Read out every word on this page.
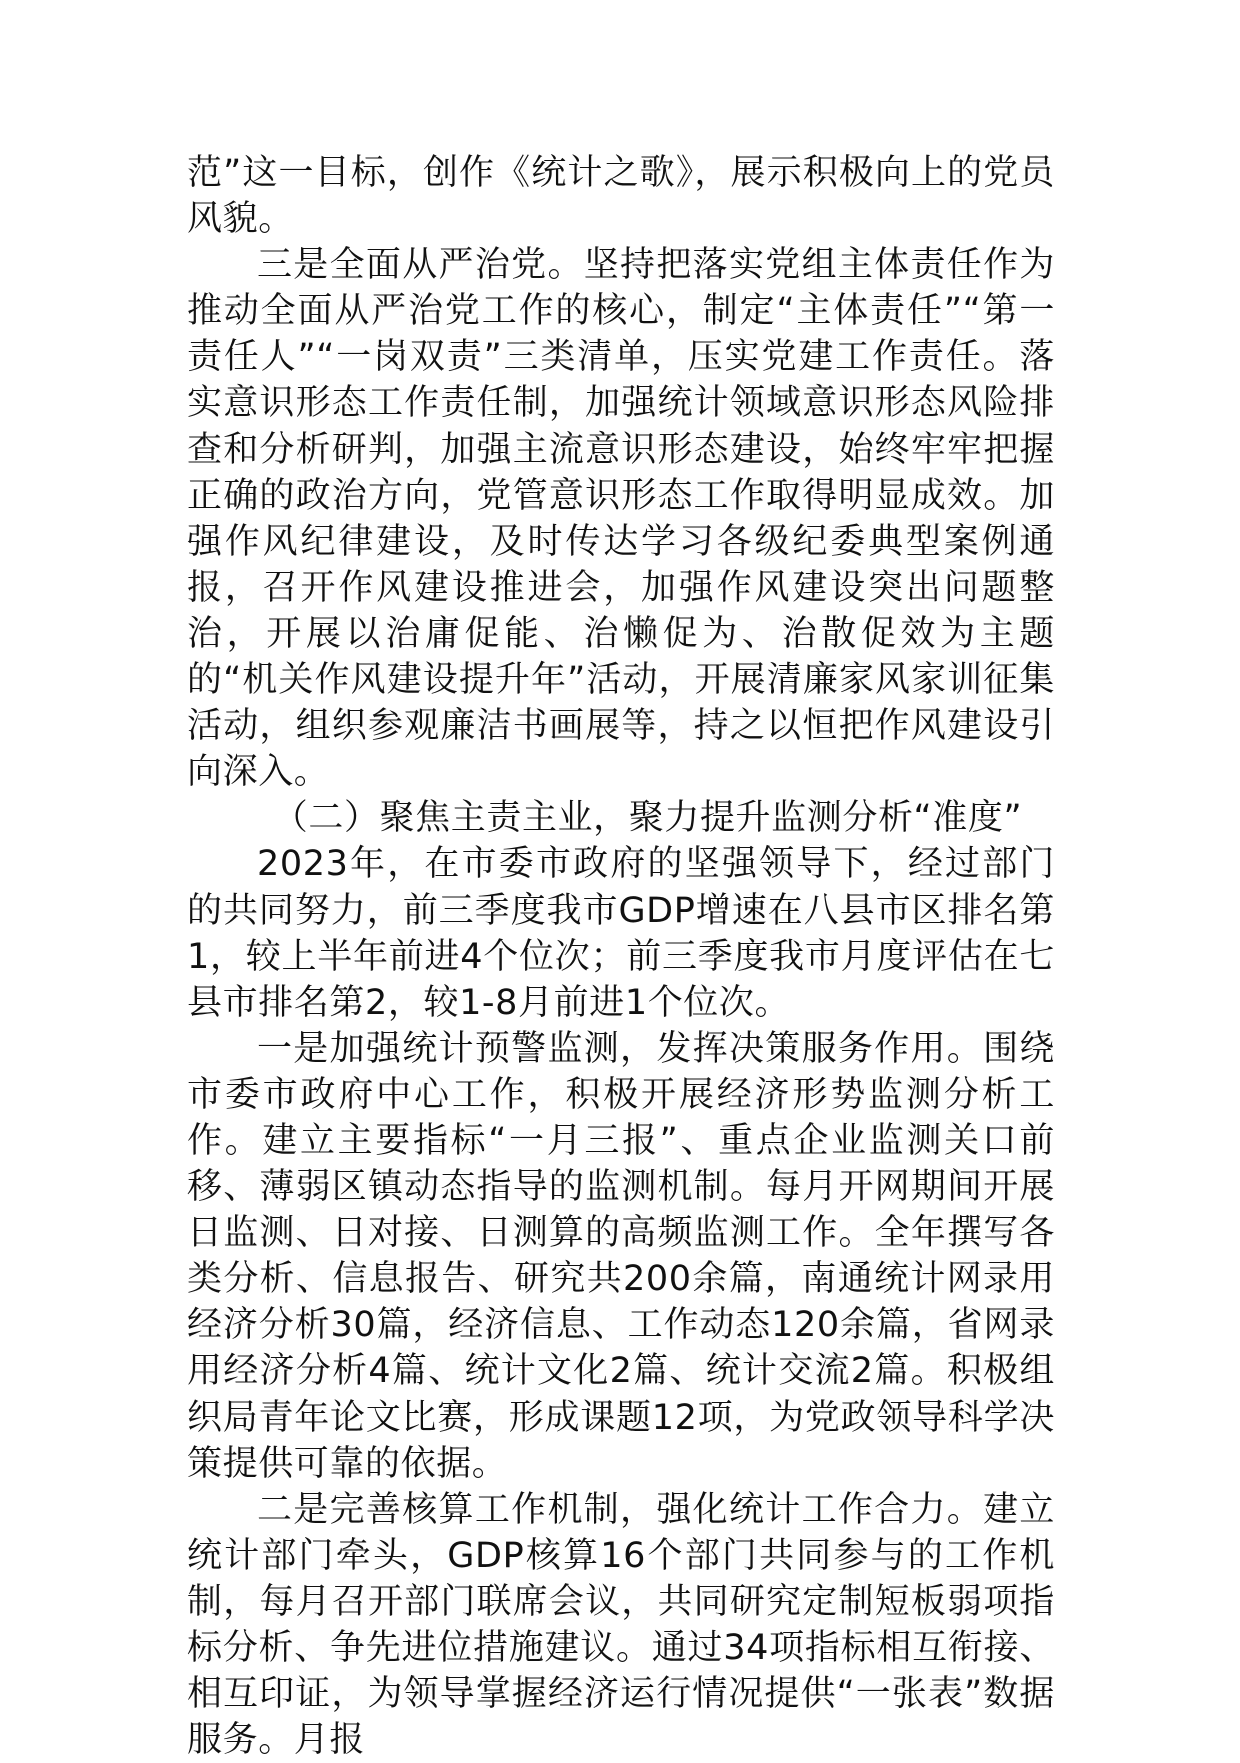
范”这一目标，创作《统计之歌》，展示积极向上的党员风貌。

三是全面从严治党。坚持把落实党组主体责任作为推动全面从严治党工作的核心，制定“主体责任”“第一责任人”“一岗双责”三类清单，压实党建工作责任。落实意识形态工作责任制，加强统计领域意识形态风险排查和分析研判，加强主流意识形态建设，始终牢牢把握正确的政治方向，党管意识形态工作取得明显成效。加强作风纪律建设，及时传达学习各级纪委典型案例通报，召开作风建设推进会，加强作风建设突出问题整治，开展以治庸促能、治懒促为、治散促效为主题的“机关作风建设提升年”活动，开展清廉家风家训征集活动，组织参观廉洁书画展等，持之以恒把作风建设引向深入。

（二）聚焦主责主业，聚力提升监测分析“准度”

2023年，在市委市政府的坚强领导下，经过部门的共同努力，前三季度我市GDP增速在八县市区排名第1，较上半年前进4个位次；前三季度我市月度评估在七县市排名第2，较1-8月前进1个位次。

一是加强统计预警监测，发挥决策服务作用。围绕市委市政府中心工作，积极开展经济形势监测分析工作。建立主要指标“一月三报”、重点企业监测关口前移、薄弱区镇动态指导的监测机制。每月开网期间开展日监测、日对接、日测算的高频监测工作。全年撰写各类分析、信息报告、研究共200余篇，南通统计网录用经济分析30篇，经济信息、工作动态120余篇，省网录用经济分析4篇、统计文化2篇、统计交流2篇。积极组织局青年论文比赛，形成课题12项，为党政领导科学决策提供可靠的依据。

二是完善核算工作机制，强化统计工作合力。建立统计部门牵头，GDP核算16个部门共同参与的工作机制，每月召开部门联席会议，共同研究定制短板弱项指标分析、争先进位措施建议。通过34项指标相互衔接、相互印证，为领导掌握经济运行情况提供“一张表”数据服务。月报
